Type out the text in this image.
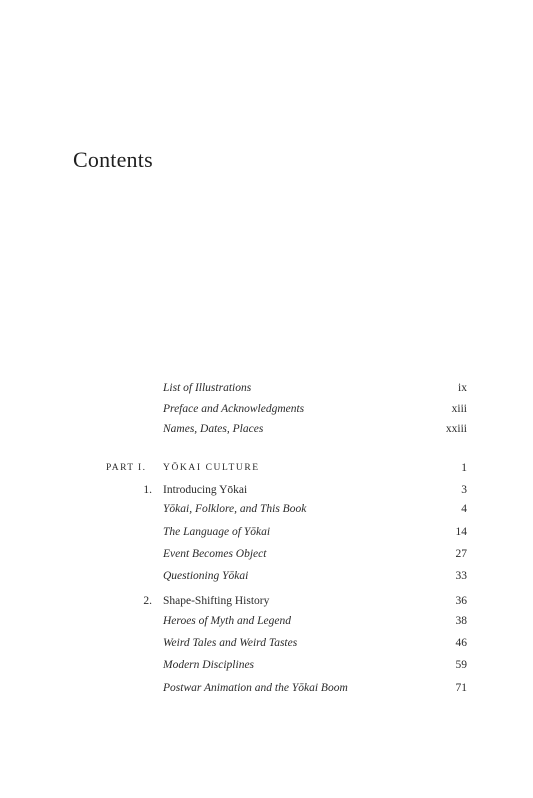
Contents
List of Illustrations	ix
Preface and Acknowledgments	xiii
Names, Dates, Places	xxiii
PART I. YŌKAI CULTURE	1
1. Introducing Yōkai	3
Yōkai, Folklore, and This Book	4
The Language of Yōkai	14
Event Becomes Object	27
Questioning Yōkai	33
2. Shape-Shifting History	36
Heroes of Myth and Legend	38
Weird Tales and Weird Tastes	46
Modern Disciplines	59
Postwar Animation and the Yōkai Boom	71
